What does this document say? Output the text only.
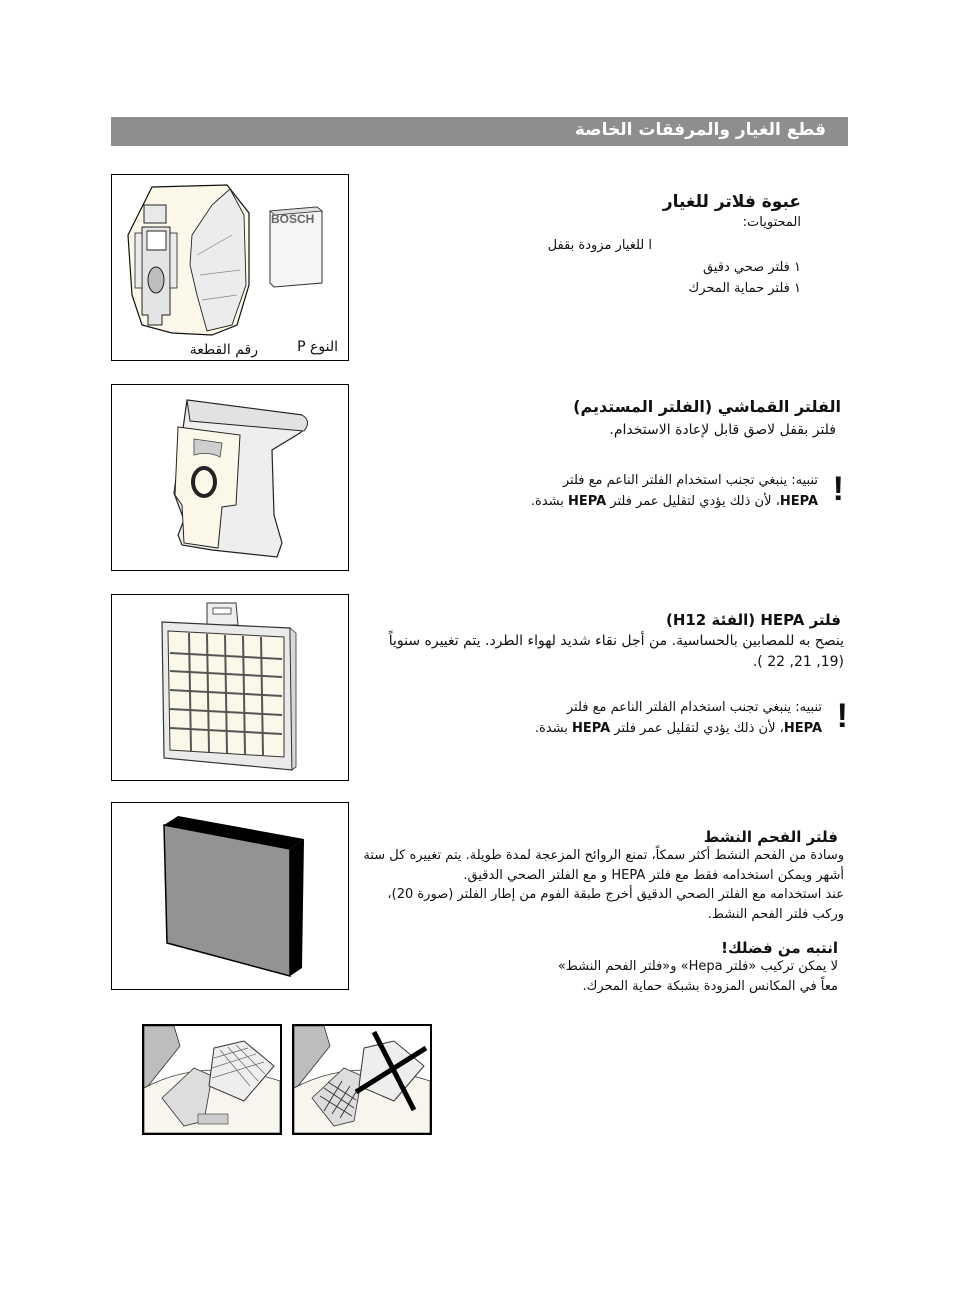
قطع الغيار والمرفقات الخاصة
BOSCH
النوع P
رقم القطعة
عبوة فلاتر للغيار
المحتويات:
ا للغيار مزودة بقفل
١ فلتر صحي دقيق
١ فلتر حماية المحرك
الفلتر القماشي (الفلتر المستديم)
فلتر بقفل لاصق قابل لإعادة الاستخدام.
!
تنبيه: ينبغي تجنب استخدام الفلتر الناعم مع فلتر
HEPA، لأن ذلك يؤدي لتقليل عمر فلتر HEPA بشدة.
فلتر HEPA (الفئة H12)
ينصح به للمصابين بالحساسية. من أجل نقاء شديد لهواء الطرد. يتم تغييره سنوياً
(19, 21, 22 ).
!
تنبيه: ينبغي تجنب استخدام الفلتر الناعم مع فلتر
HEPA، لأن ذلك يؤدي لتقليل عمر فلتر HEPA بشدة.
فلتر الفحم النشط
وسادة من الفحم النشط أكثر سمكاً، تمنع الروائح المزعجة لمدة طويلة. يتم تغييره كل ستة
أشهر ويمكن استخدامه فقط مع فلتر HEPA و مع الفلتر الصحي الدقيق.
عند استخدامه مع الفلتر الصحي الدقيق أخرج طبقة الفوم من إطار الفلتر (صورة 20)،
وركب فلتر الفحم النشط.
انتبه من فضلك!
لا يمكن تركيب «فلتر Hepa» و«فلتر الفحم النشط»
معاً في المكانس المزودة بشبكة حماية المحرك.
